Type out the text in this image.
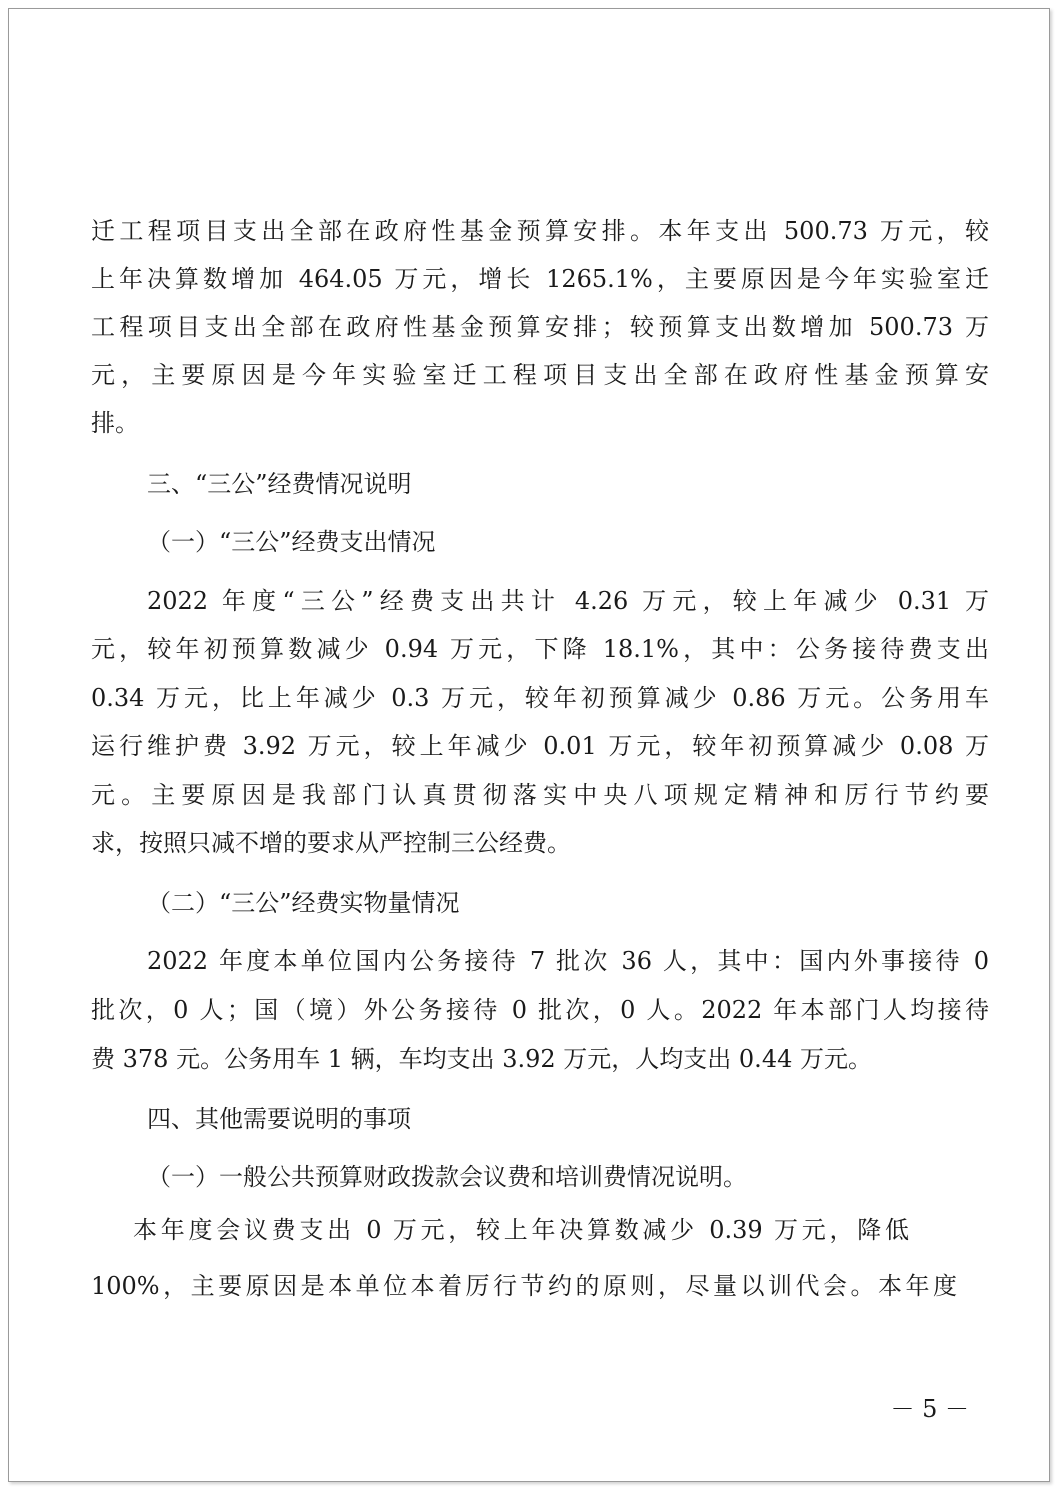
迁工程项目支出全部在政府性基金预算安排。本年支出 500.73 万元，较
上年决算数增加 464.05 万元，增长 1265.1%，主要原因是今年实验室迁
工程项目支出全部在政府性基金预算安排；较预算支出数增加 500.73 万
元，主要原因是今年实验室迁工程项目支出全部在政府性基金预算安
排。
三、“三公”经费情况说明
（一）“三公”经费支出情况
2022 年度“三公”经费支出共计 4.26 万元，较上年减少 0.31 万
元，较年初预算数减少 0.94 万元，下降 18.1%，其中：公务接待费支出
0.34 万元，比上年减少 0.3 万元，较年初预算减少 0.86 万元。公务用车
运行维护费 3.92 万元，较上年减少 0.01 万元，较年初预算减少 0.08 万
元。主要原因是我部门认真贯彻落实中央八项规定精神和厉行节约要
求，按照只减不增的要求从严控制三公经费。
（二）“三公”经费实物量情况
2022 年度本单位国内公务接待 7 批次 36 人，其中：国内外事接待 0
批次，0 人；国（境）外公务接待 0 批次，0 人。2022 年本部门人均接待
费 378 元。公务用车 1 辆，车均支出 3.92 万元，人均支出 0.44 万元。
四、其他需要说明的事项
（一）一般公共预算财政拨款会议费和培训费情况说明。
本年度会议费支出 0 万元，较上年决算数减少 0.39 万元，降低
100%，主要原因是本单位本着厉行节约的原则，尽量以训代会。本年度
－ 5 －
